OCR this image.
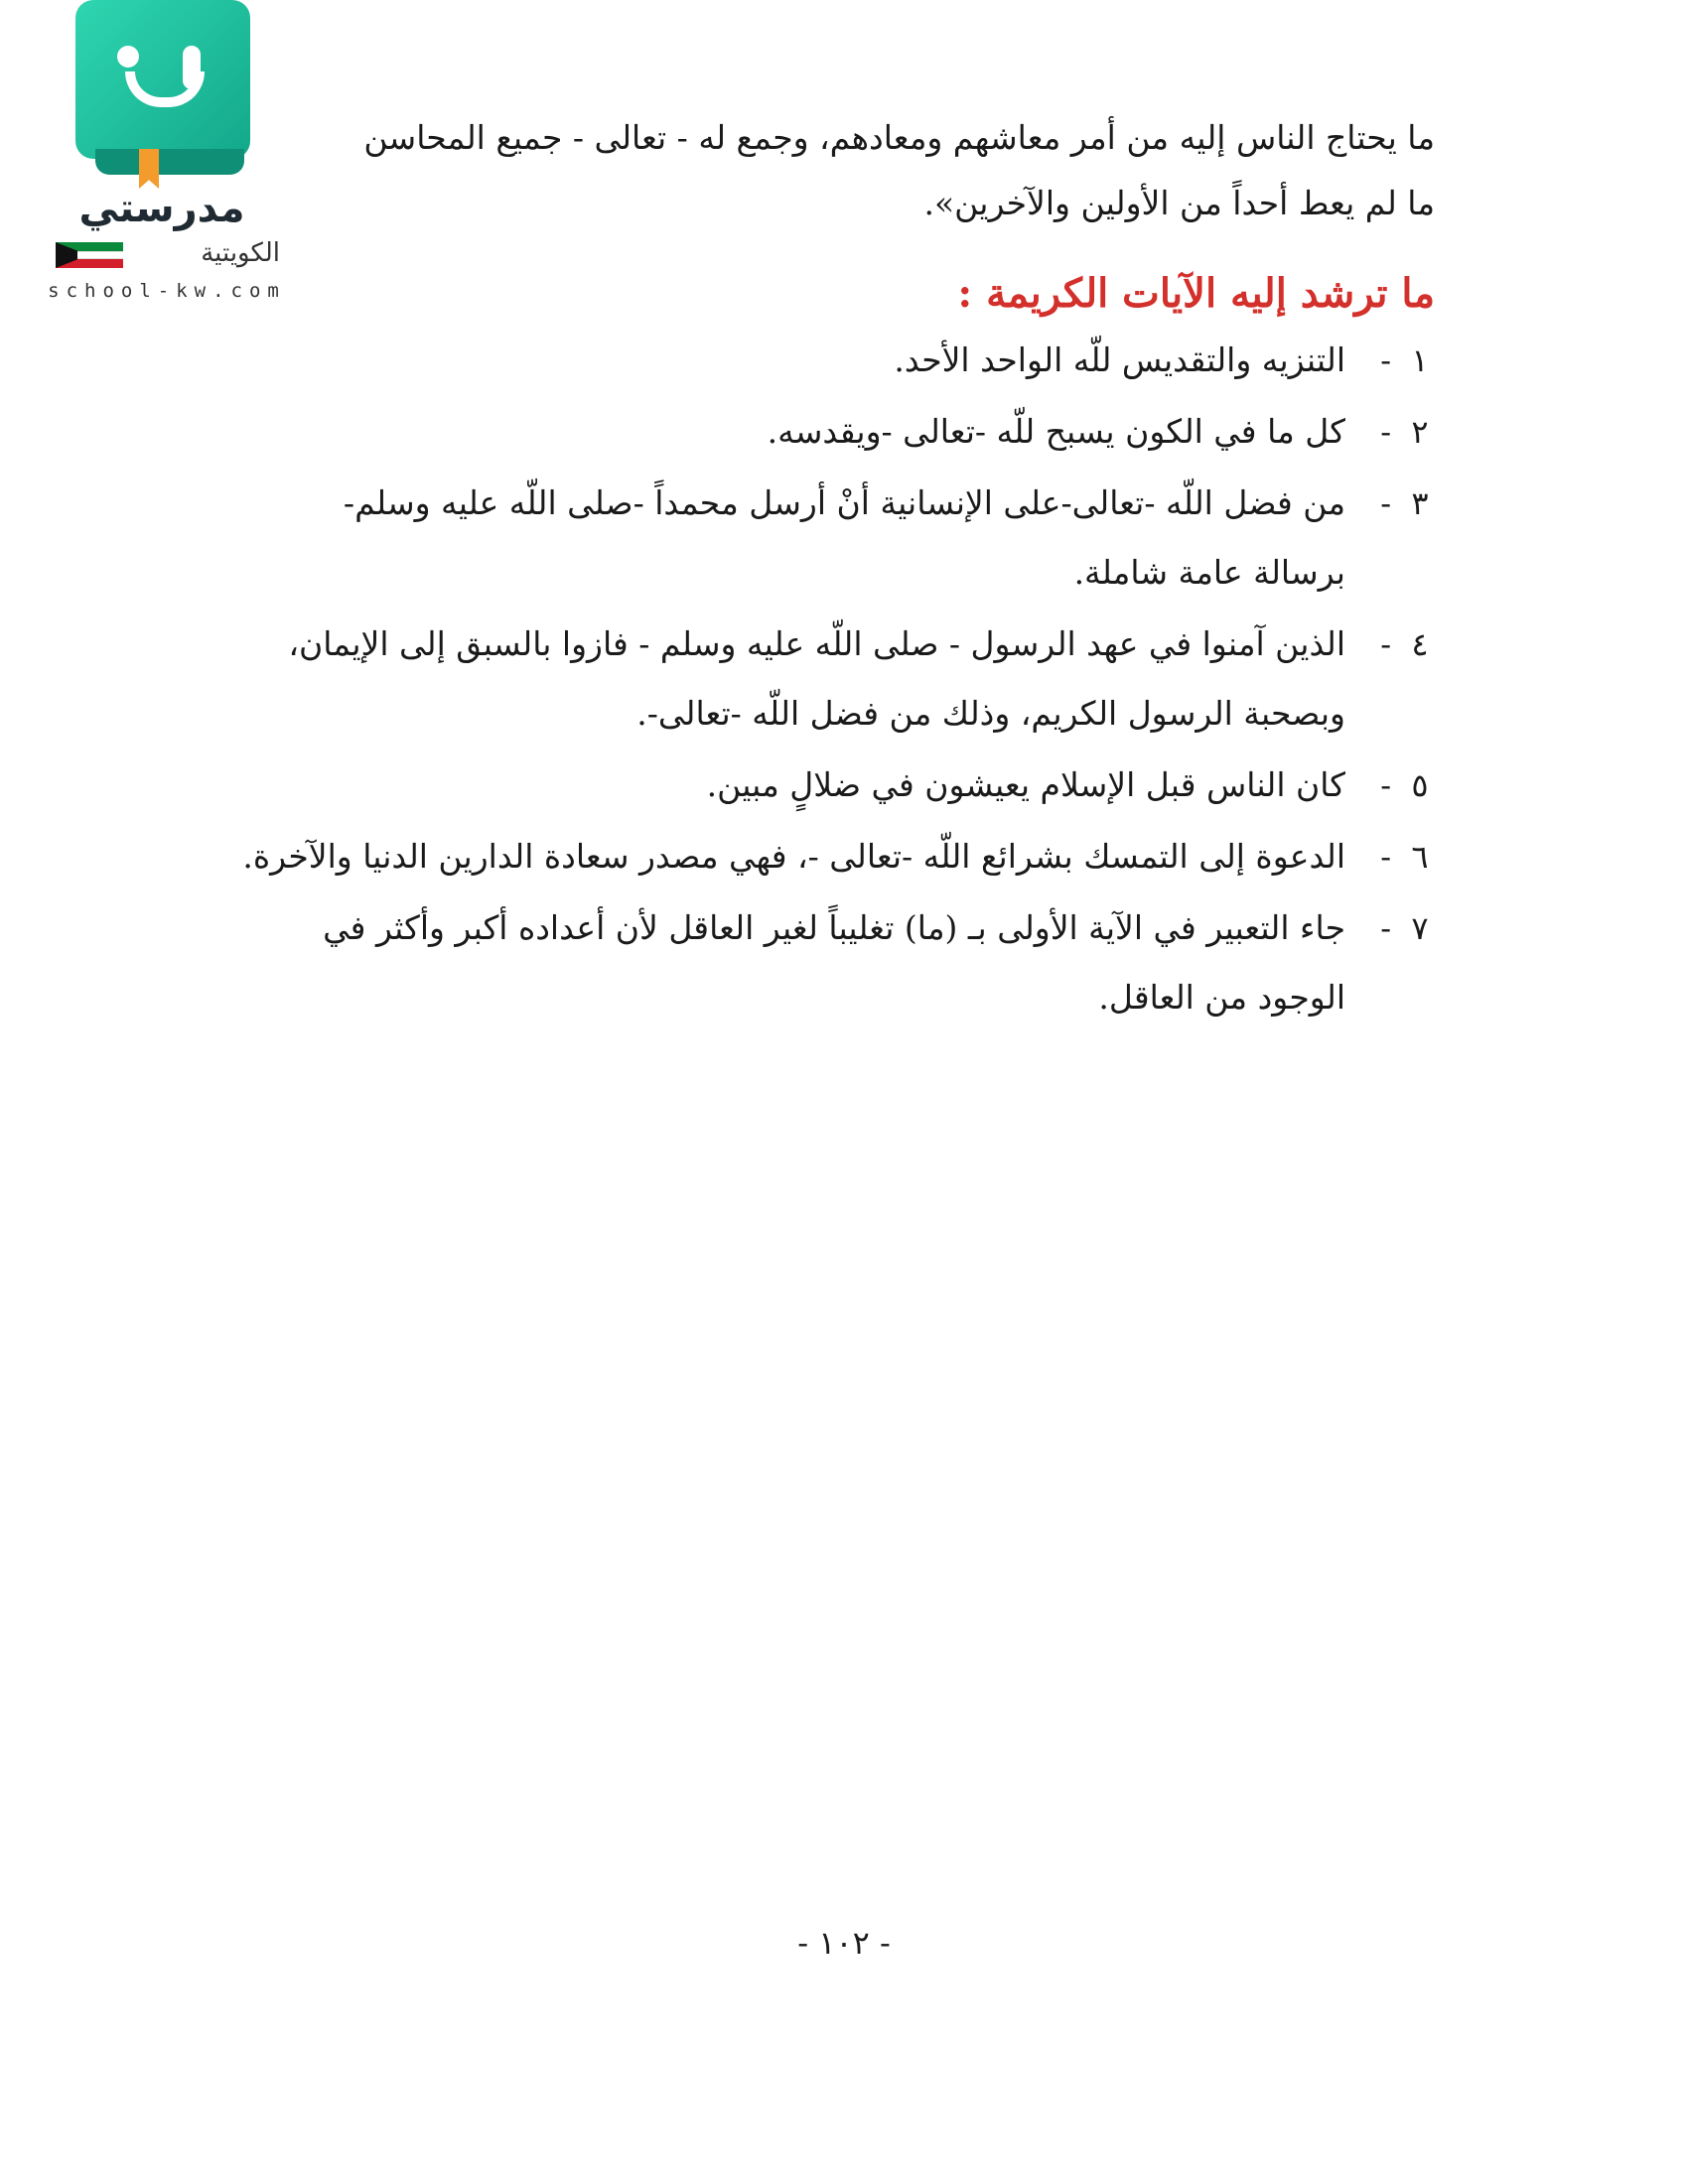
مدرستي
الكويتية
school-kw.com
ما يحتاج الناس إليه من أمر معاشهم ومعادهم، وجمع له - تعالى - جميع المحاسن
ما لم يعط أحداً من الأولين والآخرين».
ما ترشد إليه الآيات الكريمة :
١
-
التنزيه والتقديس للّه الواحد الأحد.
٢
-
كل ما في الكون يسبح للّه -تعالى -ويقدسه.
٣
-
من فضل اللّه -تعالى-على الإنسانية أنْ أرسل محمداً -صلى اللّه عليه وسلم-
برسالة عامة شاملة.
٤
-
الذين آمنوا في عهد الرسول - صلى اللّه عليه وسلم - فازوا بالسبق إلى الإيمان،
وبصحبة الرسول الكريم، وذلك من فضل اللّه -تعالى-.
٥
-
كان الناس قبل الإسلام يعيشون في ضلالٍ مبين.
٦
-
الدعوة إلى التمسك بشرائع اللّه -تعالى -، فهي مصدر سعادة الدارين الدنيا والآخرة.
٧
-
جاء التعبير في الآية الأولى بـ (ما) تغليباً لغير العاقل لأن أعداده أكبر وأكثر في
الوجود من العاقل.
- ١٠٢ -
